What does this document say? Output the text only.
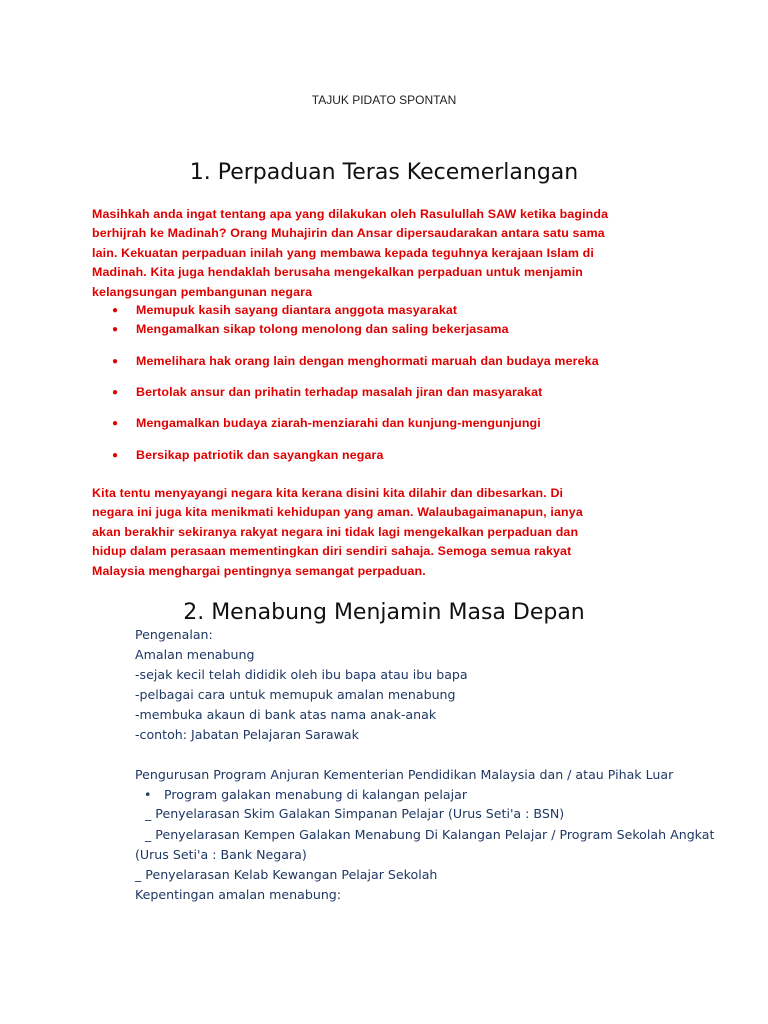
TAJUK PIDATO SPONTAN
1. Perpaduan Teras Kecemerlangan
Masihkah anda ingat tentang apa yang dilakukan oleh Rasulullah SAW ketika baginda
berhijrah ke Madinah? Orang Muhajirin dan Ansar dipersaudarakan antara satu sama
lain. Kekuatan perpaduan inilah yang membawa kepada teguhnya kerajaan Islam di
Madinah. Kita juga hendaklah berusaha mengekalkan perpaduan untuk menjamin
kelangsungan pembangunan negara
● Memupuk kasih sayang diantara anggota masyarakat
● Mengamalkan sikap tolong menolong dan saling bekerjasama
● Memelihara hak orang lain dengan menghormati maruah dan budaya mereka
● Bertolak ansur dan prihatin terhadap masalah jiran dan masyarakat
● Mengamalkan budaya ziarah-menziarahi dan kunjung-mengunjungi
● Bersikap patriotik dan sayangkan negara
Kita tentu menyayangi negara kita kerana disini kita dilahir dan dibesarkan. Di
negara ini juga kita menikmati kehidupan yang aman. Walaubagaimanapun, ianya
akan berakhir sekiranya rakyat negara ini tidak lagi mengekalkan perpaduan dan
hidup dalam perasaan mementingkan diri sendiri sahaja. Semoga semua rakyat
Malaysia menghargai pentingnya semangat perpaduan.
2. Menabung Menjamin Masa Depan
Pengenalan:
Amalan menabung
-sejak kecil telah dididik oleh ibu bapa atau ibu bapa
-pelbagai cara untuk memupuk amalan menabung
-membuka akaun di bank atas nama anak-anak
-contoh: Jabatan Pelajaran Sarawak
Pengurusan Program Anjuran Kementerian Pendidikan Malaysia dan / atau Pihak Luar
• Program galakan menabung di kalangan pelajar
_ Penyelarasan Skim Galakan Simpanan Pelajar (Urus Seti'a : BSN)
_ Penyelarasan Kempen Galakan Menabung Di Kalangan Pelajar / Program Sekolah Angkat
(Urus Seti'a : Bank Negara)
_ Penyelarasan Kelab Kewangan Pelajar Sekolah
Kepentingan amalan menabung:
